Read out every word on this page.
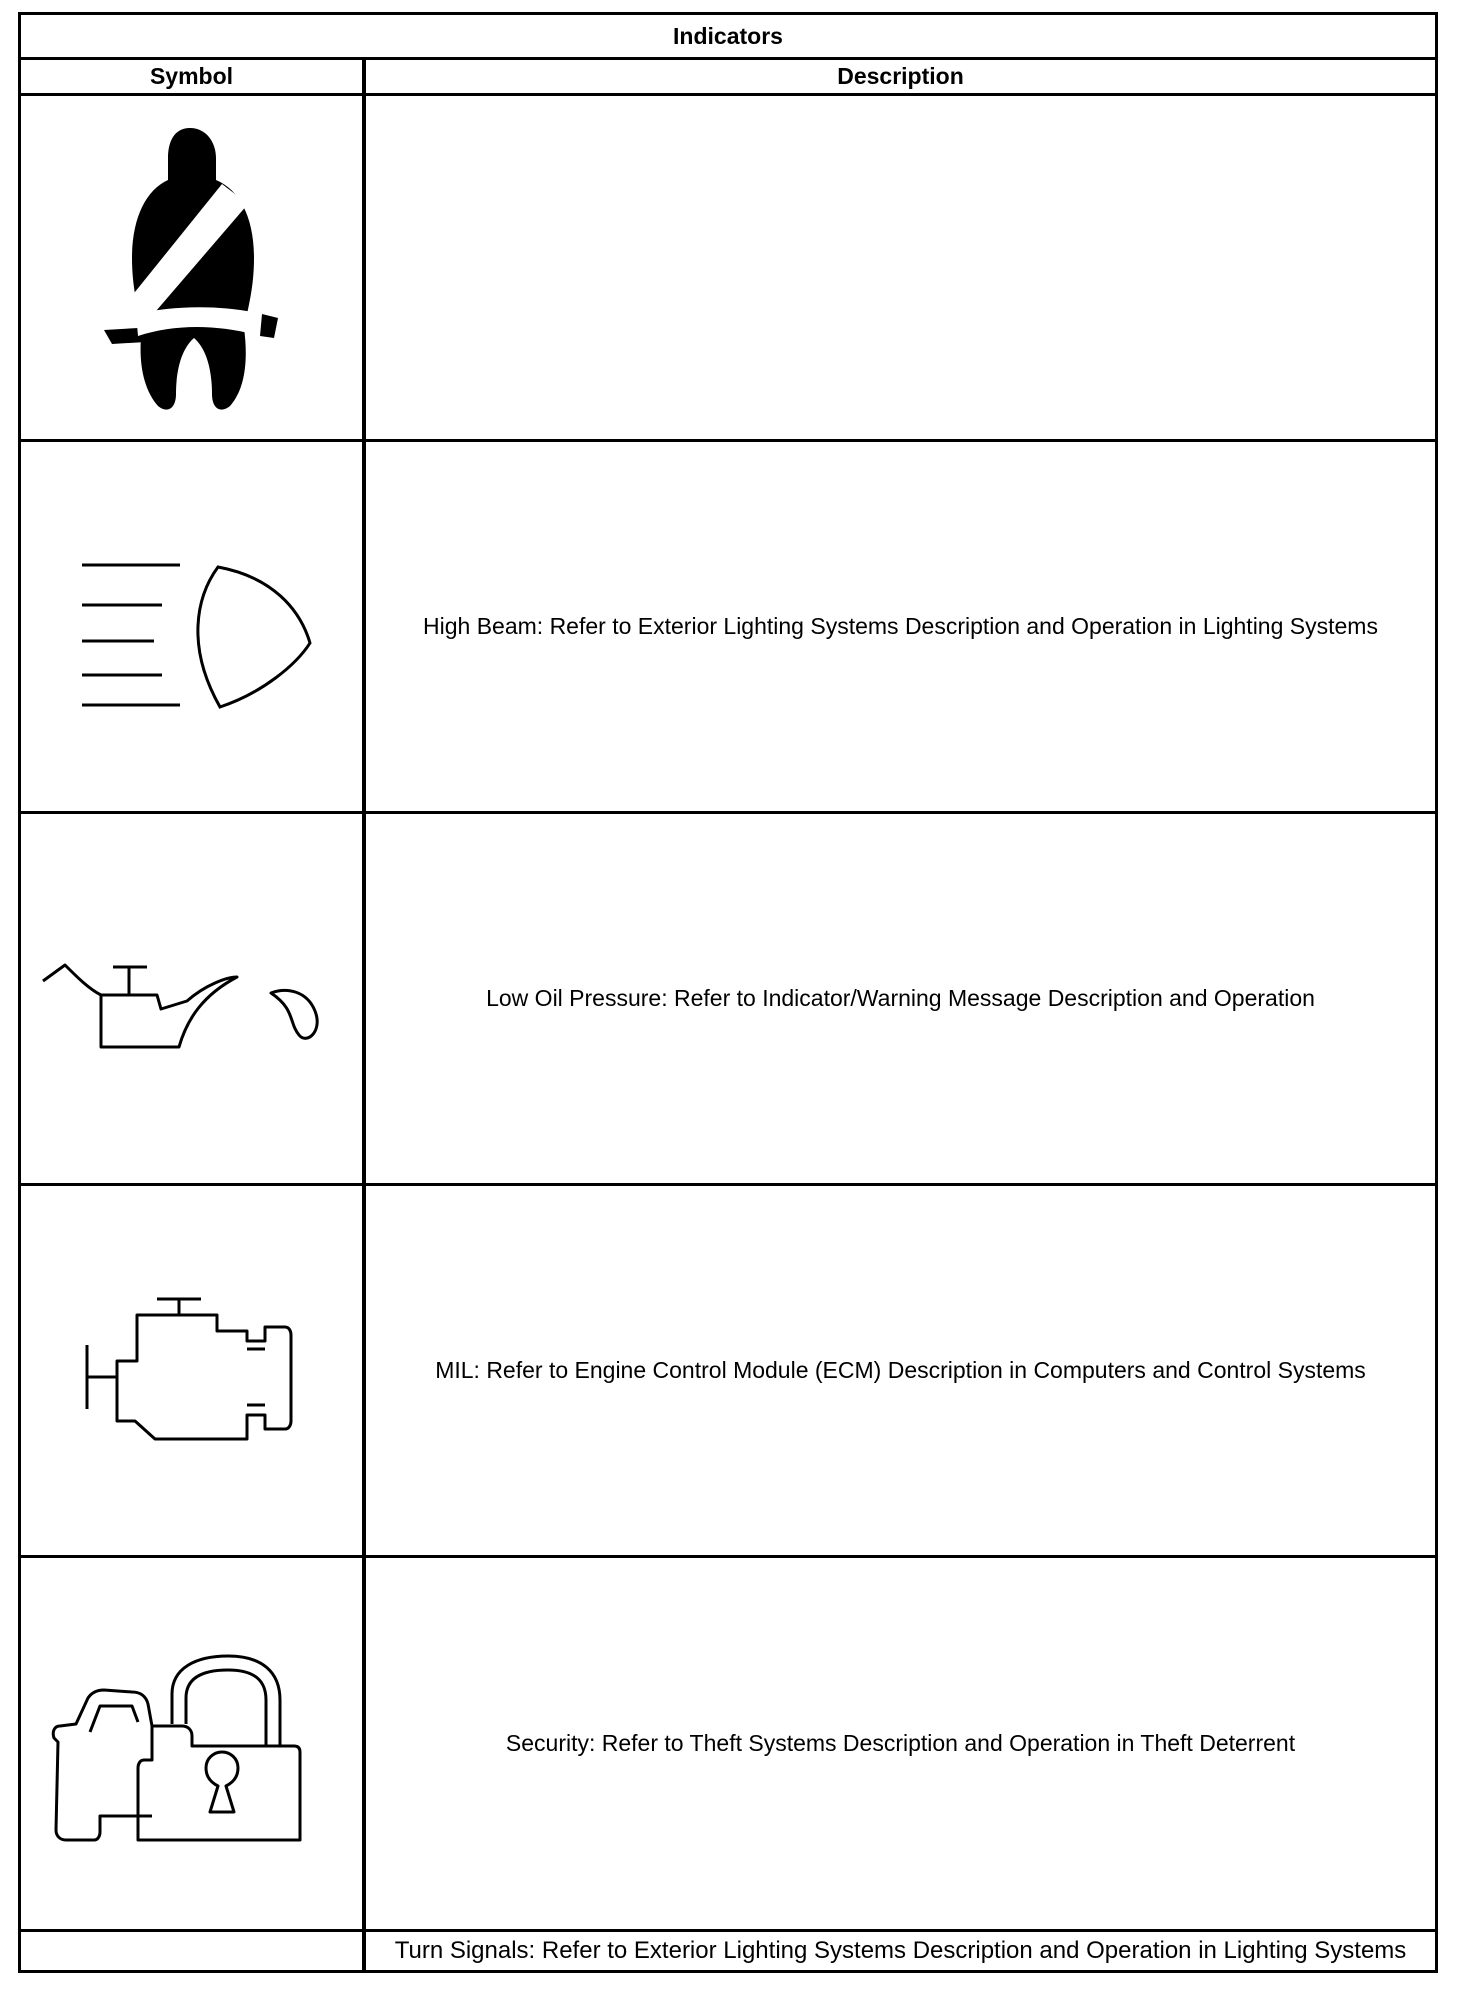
Indicators
Symbol	Description
High Beam: Refer to Exterior Lighting Systems Description and Operation in Lighting Systems
Low Oil Pressure: Refer to Indicator/Warning Message Description and Operation
MIL: Refer to Engine Control Module (ECM) Description in Computers and Control Systems
Security: Refer to Theft Systems Description and Operation in Theft Deterrent
Turn Signals: Refer to Exterior Lighting Systems Description and Operation in Lighting Systems
